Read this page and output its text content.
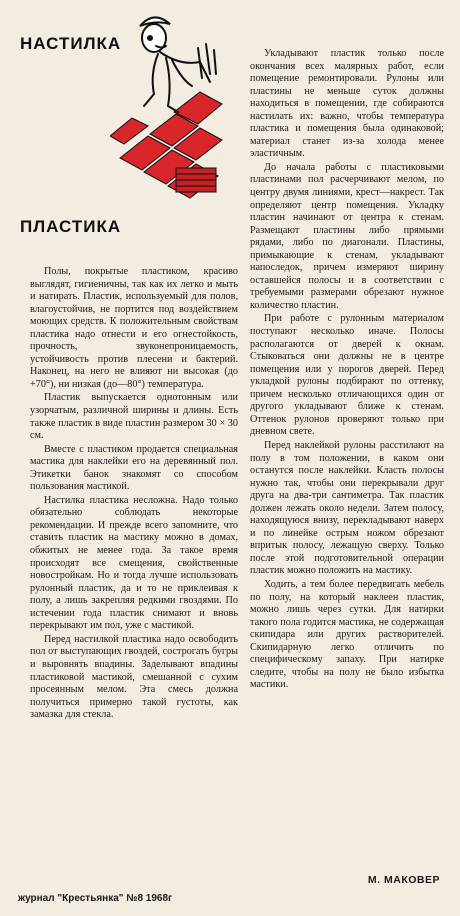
НАСТИЛКА
ПЛАСТИКА

Полы, покрытые пластиком, красиво выглядят, гигиеничны, так как их легко и мыть и натирать. Пластик, используемый для полов, влагоустойчив, не портится под воздействием моющих средств. К положительным свойствам пластика надо отнести и его огнестойкость, прочность, звуконепроницаемость, устойчивость против плесени и бактерий. Наконец, на него не влияют ни высокая (до +70°), ни низкая (до—80°) температура.

Пластик выпускается однотонным или узорчатым, различной ширины и длины. Есть также пластик в виде пластин размером 30 × 30 см.

Вместе с пластиком продается специальная мастика для наклейки его на деревянный пол. Этикетки банок знакомят со способом пользования мастикой.

Настилка пластика несложна. Надо только обязательно соблюдать некоторые рекомендации. И прежде всего запомните, что ставить пластик на мастику можно в домах, обжитых не менее года. За такое время происходят все смещения, свойственные новостройкам. Но и тогда лучше использовать рулонный пластик, да и то не приклеивая к полу, а лишь закрепляя редкими гвоздями. По истечении года пластик снимают и вновь перекрывают им пол, уже с мастикой.

Перед настилкой пластика надо освободить пол от выступающих гвоздей, сострогать бугры и выровнять впадины. Заделывают впадины пластиковой мастикой, смешанной с сухим просеянным мелом. Эта смесь должна получиться примерно такой густоты, как замазка для стекла.

Укладывают пластик только после окончания всех малярных работ, если помещение ремонтировали. Рулоны или пластины не меньше суток должны находиться в помещении, где собираются настилать их: важно, чтобы температура пластика и помещения была одинаковой; материал станет из-за холода менее эластичным.

До начала работы с пластиковыми пластинами пол расчерчивают мелом, по центру двумя линиями, крест—накрест. Так определяют центр помещения. Укладку пластин начинают от центра к стенам. Размещают пластины либо прямыми рядами, либо по диагонали. Пластины, примыкающие к стенам, укладывают напоследок, причем измеряют ширину оставшейся полосы и в соответствии с требуемыми размерами обрезают нужное количество пластин.

При работе с рулонным материалом поступают несколько иначе. Полосы располагаются от дверей к окнам. Стыковаться они должны не в центре помещения или у порогов дверей. Перед укладкой рулоны подбирают по оттенку, причем несколько отличающихся один от другого укладывают ближе к стенам. Оттенок рулонов проверяют только при дневном свете.

Перед наклейкой рулоны расстилают на полу в том положении, в каком они останутся после наклейки. Класть полосы нужно так, чтобы они перекрывали друг друга на два-три сантиметра. Так пластик должен лежать около недели. Затем полосу, находящуюся внизу, перекладывают наверх и по линейке острым ножом обрезают впритык полосу, лежащую сверху. Только после этой подготовительной операции пластик можно положить на мастику.

Ходить, а тем более передвигать мебель по полу, на который наклеен пластик, можно лишь через сутки. Для натирки такого пола годится мастика, не содержащая скипидара или других растворителей. Скипидарную легко отличить по специфическому запаху. При натирке следите, чтобы на полу не было избытка мастики.

М. МАКОВЕР
журнал "Крестьянка" №8 1968г
